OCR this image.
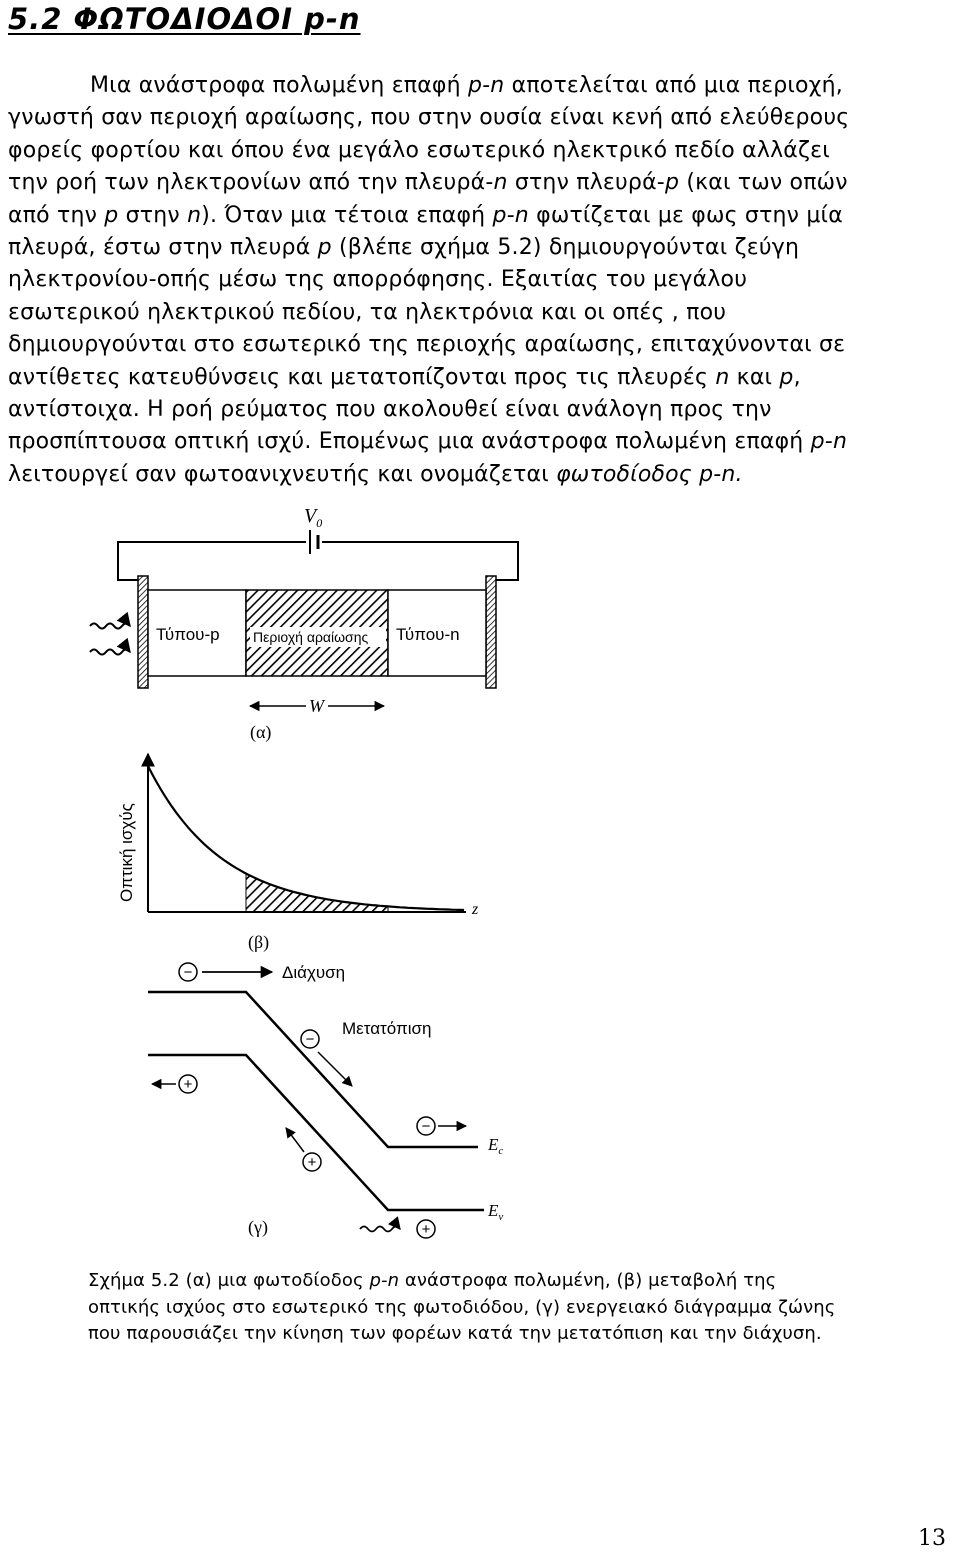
5.2 ΦΩΤΟΔΙΟΔΟΙ p-n

Μια ανάστροφα πολωμένη επαφή p-n αποτελείται από μια περιοχή,
γνωστή σαν περιοχή αραίωσης, που στην ουσία είναι κενή από ελεύθερους
φορείς φορτίου και όπου ένα μεγάλο εσωτερικό ηλεκτρικό πεδίο αλλάζει
την ροή των ηλεκτρονίων από την πλευρά-n στην πλευρά-p (και των οπών
από την p στην n). Όταν μια τέτοια επαφή p-n φωτίζεται με φως στην μία
πλευρά, έστω στην πλευρά p (βλέπε σχήμα 5.2) δημιουργούνται ζεύγη
ηλεκτρονίου-οπής μέσω της απορρόφησης. Εξαιτίας του μεγάλου
εσωτερικού ηλεκτρικού πεδίου, τα ηλεκτρόνια και οι οπές , που
δημιουργούνται στο εσωτερικό της περιοχής αραίωσης, επιταχύνονται σε
αντίθετες κατευθύνσεις και μετατοπίζονται προς τις πλευρές n και p,
αντίστοιχα. Η ροή ρεύματος που ακολουθεί είναι ανάλογη προς την
προσπίπτουσα οπτική ισχύ. Επομένως μια ανάστροφα πολωμένη επαφή p-n
λειτουργεί σαν φωτοανιχνευτής και ονομάζεται φωτοδίοδος p-n.

$V_0$
Τύπου-p Περιοχή αραίωσης Τύπου-n
W
(α)
Οπτική ισχύς
z
(β)
$E_c$
$E_v$
−	Διάχυση
−
Μετατόπιση
−
+
+
+
(γ)

Σχήμα 5.2 (α) μια φωτοδίοδος p-n ανάστροφα πολωμένη, (β) μεταβολή της
οπτικής ισχύος στο εσωτερικό της φωτοδιόδου, (γ) ενεργειακό διάγραμμα ζώνης
που παρουσιάζει την κίνηση των φορέων κατά την μετατόπιση και την διάχυση.

13
